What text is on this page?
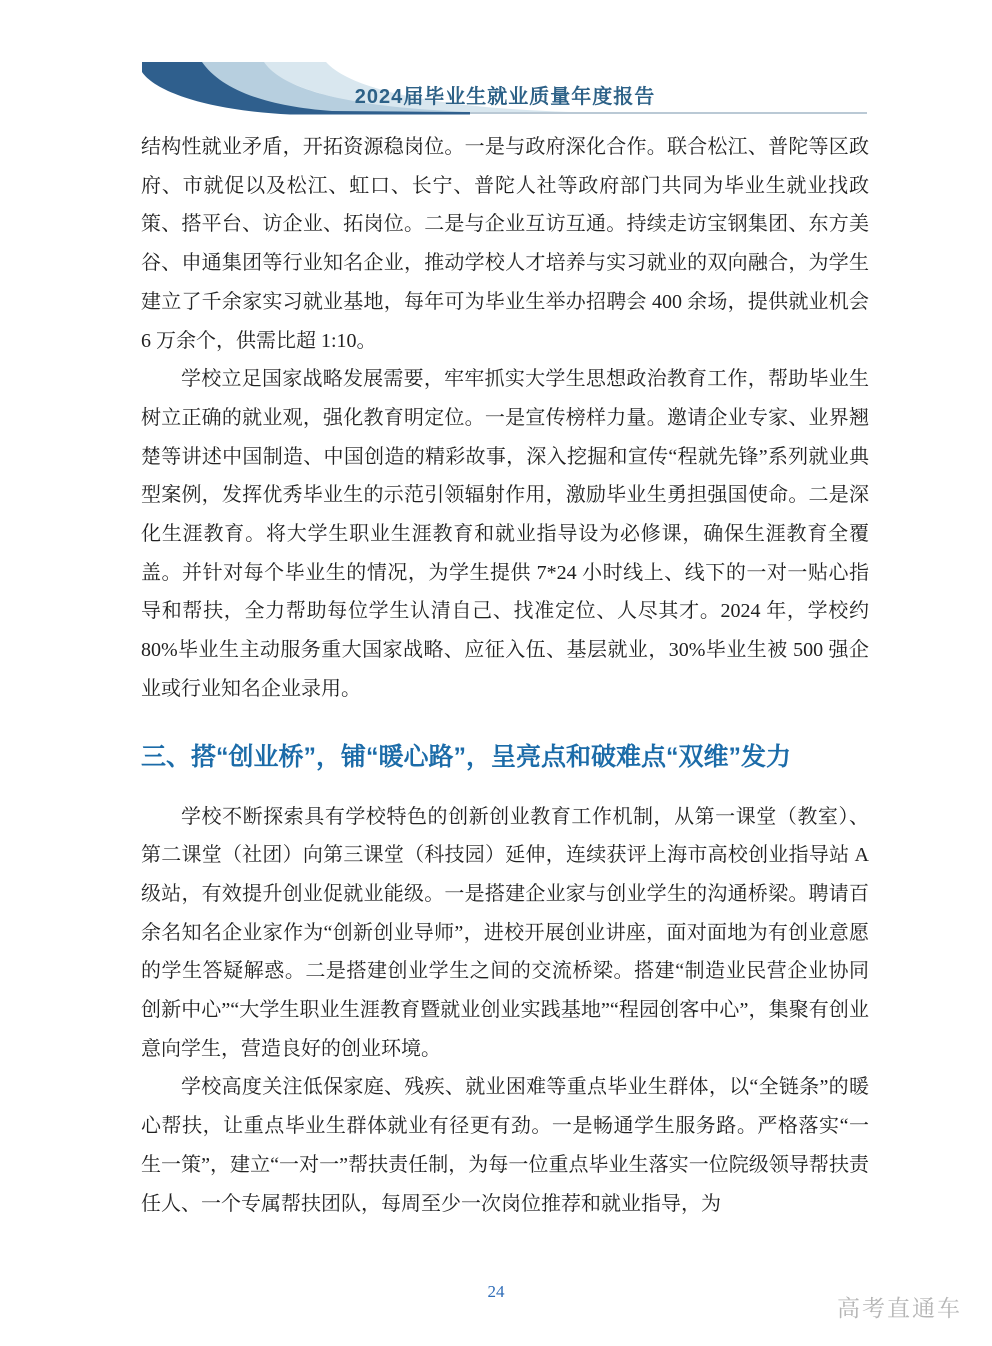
2024届毕业生就业质量年度报告

结构性就业矛盾，开拓资源稳岗位。一是与政府深化合作。联合松江、普陀等区政府、市就促以及松江、虹口、长宁、普陀人社等政府部门共同为毕业生就业找政策、搭平台、访企业、拓岗位。二是与企业互访互通。持续走访宝钢集团、东方美谷、申通集团等行业知名企业，推动学校人才培养与实习就业的双向融合，为学生建立了千余家实习就业基地，每年可为毕业生举办招聘会 400 余场，提供就业机会 6 万余个，供需比超 1:10。

学校立足国家战略发展需要，牢牢抓实大学生思想政治教育工作，帮助毕业生树立正确的就业观，强化教育明定位。一是宣传榜样力量。邀请企业专家、业界翘楚等讲述中国制造、中国创造的精彩故事，深入挖掘和宣传“程就先锋”系列就业典型案例，发挥优秀毕业生的示范引领辐射作用，激励毕业生勇担强国使命。二是深化生涯教育。将大学生职业生涯教育和就业指导设为必修课，确保生涯教育全覆盖。并针对每个毕业生的情况，为学生提供 7*24 小时线上、线下的一对一贴心指导和帮扶，全力帮助每位学生认清自己、找准定位、人尽其才。2024 年，学校约 80%毕业生主动服务重大国家战略、应征入伍、基层就业，30%毕业生被 500 强企业或行业知名企业录用。

三、搭“创业桥”，铺“暖心路”，呈亮点和破难点“双维”发力

学校不断探索具有学校特色的创新创业教育工作机制，从第一课堂（教室）、第二课堂（社团）向第三课堂（科技园）延伸，连续获评上海市高校创业指导站 A 级站，有效提升创业促就业能级。一是搭建企业家与创业学生的沟通桥梁。聘请百余名知名企业家作为“创新创业导师”，进校开展创业讲座，面对面地为有创业意愿的学生答疑解惑。二是搭建创业学生之间的交流桥梁。搭建“制造业民营企业协同创新中心”“大学生职业生涯教育暨就业创业实践基地”“程园创客中心”，集聚有创业意向学生，营造良好的创业环境。

学校高度关注低保家庭、残疾、就业困难等重点毕业生群体，以“全链条”的暖心帮扶，让重点毕业生群体就业有径更有劲。一是畅通学生服务路。严格落实“一生一策”，建立“一对一”帮扶责任制，为每一位重点毕业生落实一位院级领导帮扶责任人、一个专属帮扶团队，每周至少一次岗位推荐和就业指导，为

24
高考直通车
